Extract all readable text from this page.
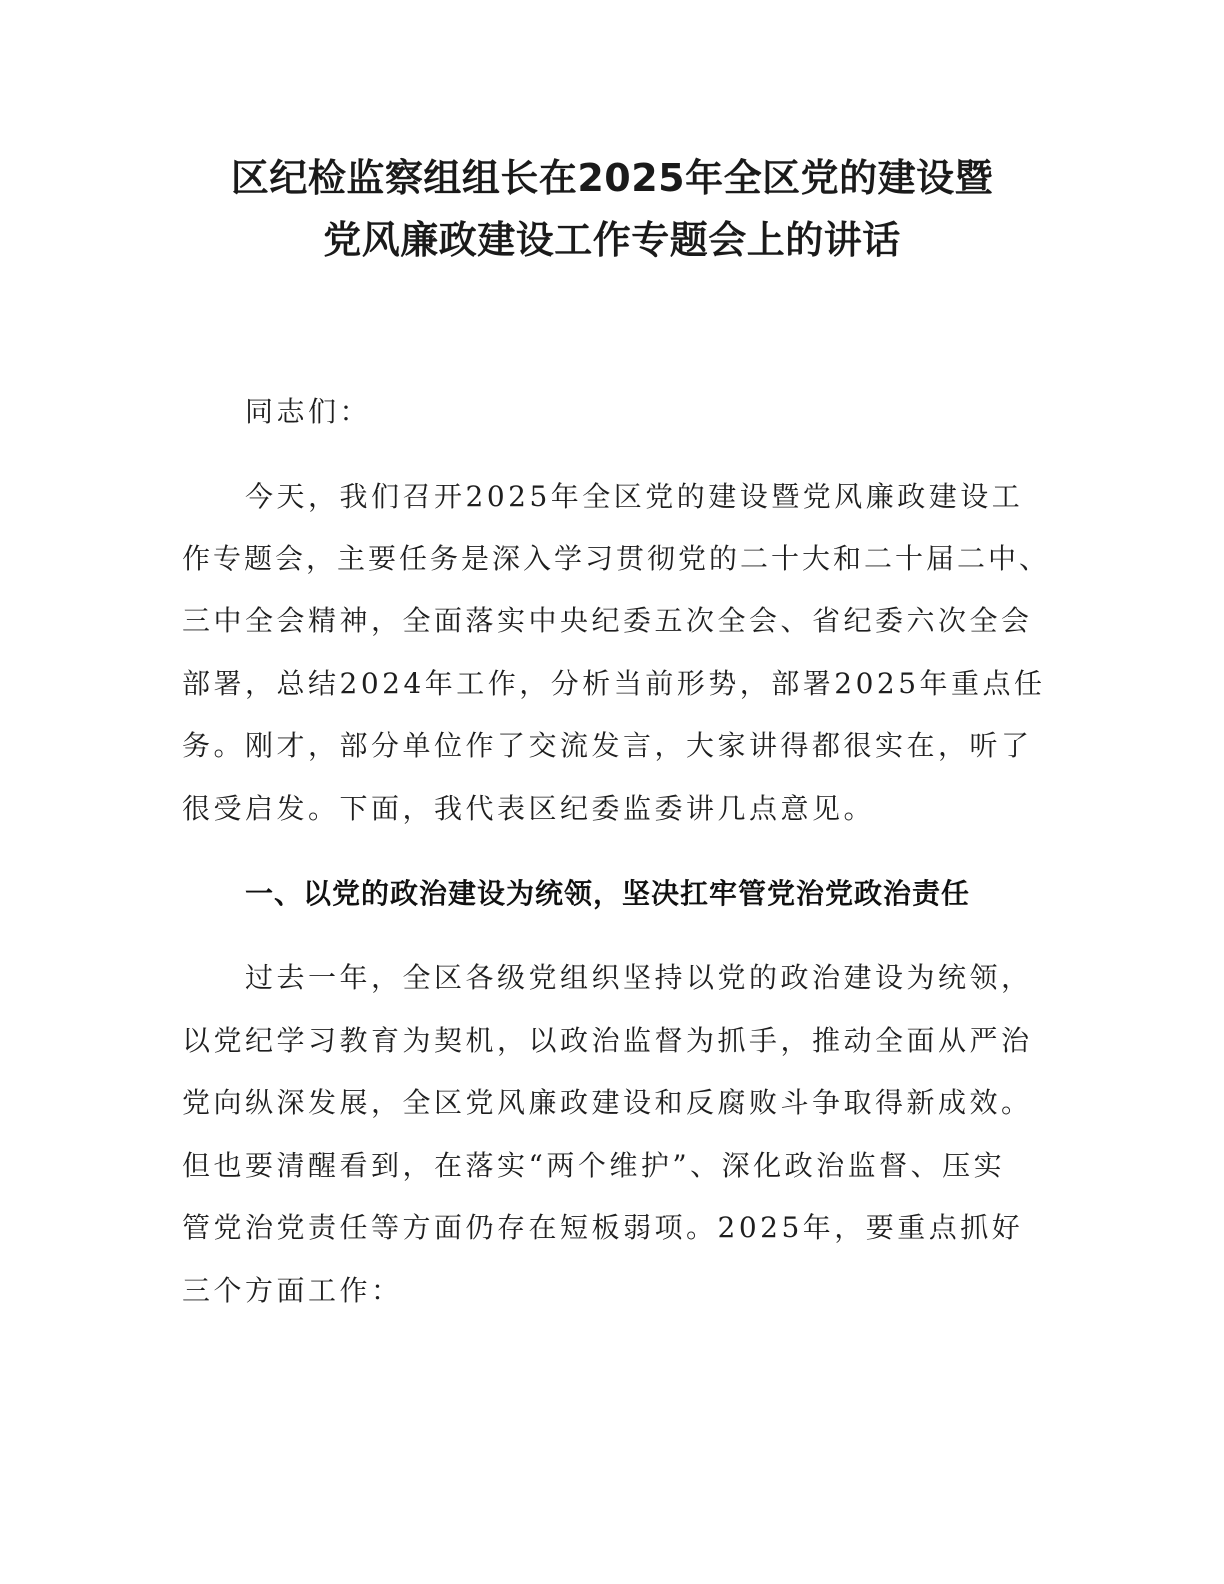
区纪检监察组组长在2025年全区党的建设暨
党风廉政建设工作专题会上的讲话
同志们：
今天，我们召开2025年全区党的建设暨党风廉政建设工
作专题会，主要任务是深入学习贯彻党的二十大和二十届二中、
三中全会精神，全面落实中央纪委五次全会、省纪委六次全会
部署，总结2024年工作，分析当前形势，部署2025年重点任
务。刚才，部分单位作了交流发言，大家讲得都很实在，听了
很受启发。下面，我代表区纪委监委讲几点意见。
一、以党的政治建设为统领，坚决扛牢管党治党政治责任
过去一年，全区各级党组织坚持以党的政治建设为统领，
以党纪学习教育为契机，以政治监督为抓手，推动全面从严治
党向纵深发展，全区党风廉政建设和反腐败斗争取得新成效。
但也要清醒看到，在落实“两个维护”、深化政治监督、压实
管党治党责任等方面仍存在短板弱项。2025年，要重点抓好
三个方面工作：
